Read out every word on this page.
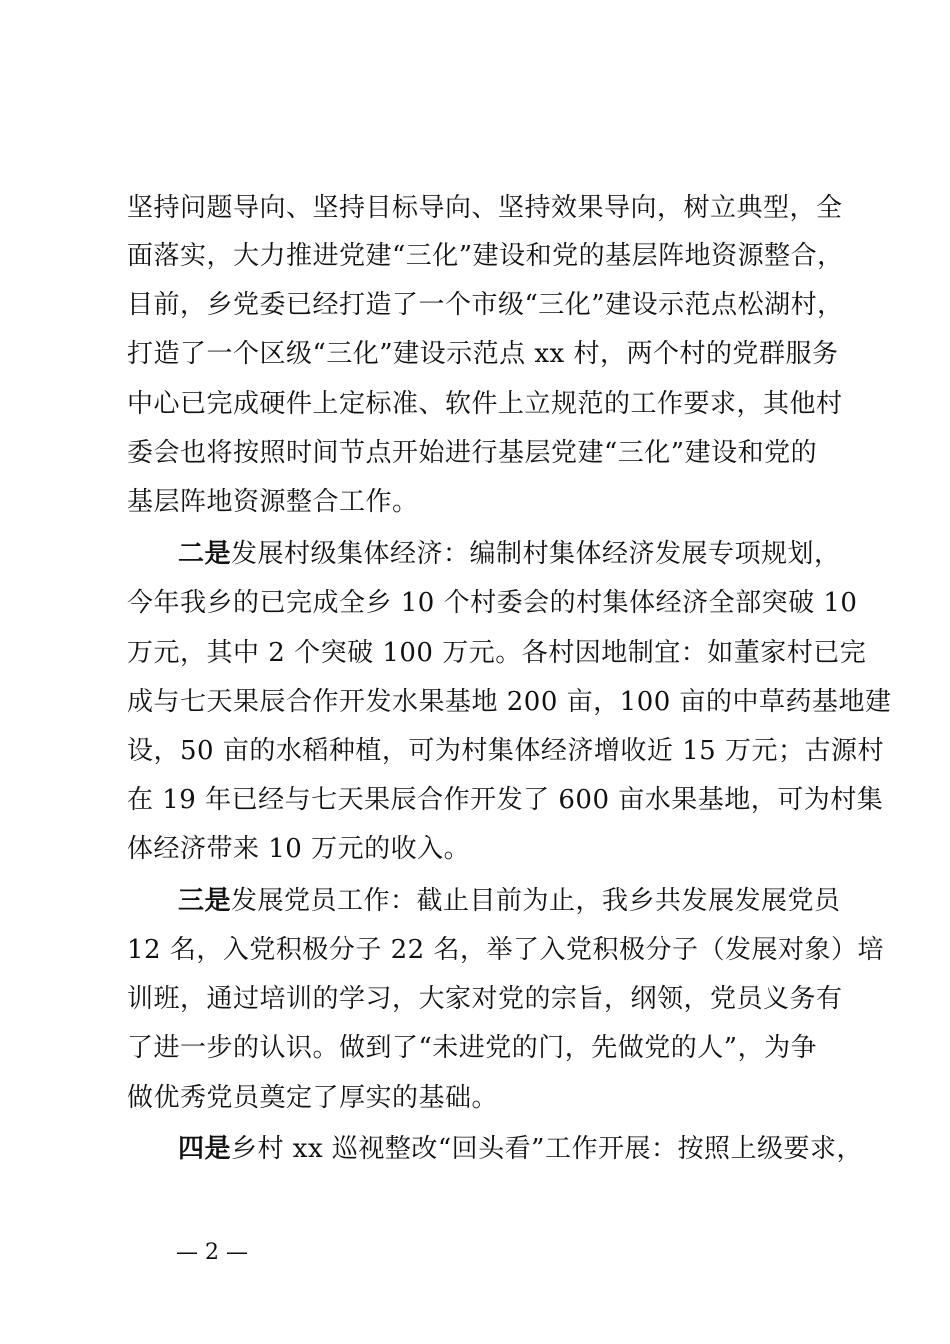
坚持问题导向、坚持目标导向、坚持效果导向，树立典型，全
面落实，大力推进党建“三化”建设和党的基层阵地资源整合，
目前，乡党委已经打造了一个市级“三化”建设示范点松湖村，
打造了一个区级“三化”建设示范点 xx 村，两个村的党群服务
中心已完成硬件上定标准、软件上立规范的工作要求，其他村
委会也将按照时间节点开始进行基层党建“三化”建设和党的
基层阵地资源整合工作。
二是发展村级集体经济：编制村集体经济发展专项规划，
今年我乡的已完成全乡 10 个村委会的村集体经济全部突破 10
万元，其中 2 个突破 100 万元。各村因地制宜：如董家村已完
成与七天果辰合作开发水果基地 200 亩，100 亩的中草药基地建
设，50 亩的水稻种植，可为村集体经济增收近 15 万元；古源村
在 19 年已经与七天果辰合作开发了 600 亩水果基地，可为村集
体经济带来 10 万元的收入。
三是发展党员工作：截止目前为止，我乡共发展发展党员
12 名，入党积极分子 22 名，举了入党积极分子（发展对象）培
训班，通过培训的学习，大家对党的宗旨，纲领，党员义务有
了进一步的认识。做到了“未进党的门，先做党的人”，为争
做优秀党员奠定了厚实的基础。
四是乡村 xx 巡视整改“回头看”工作开展：按照上级要求，
— 2 —
